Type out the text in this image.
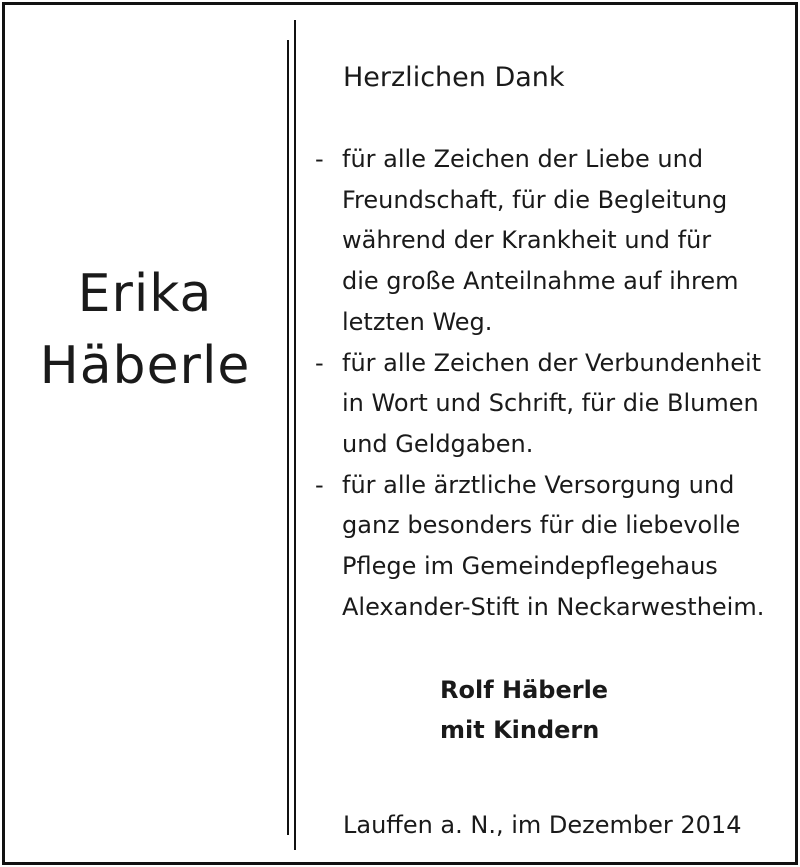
Erika
Häberle
Herzlichen Dank
- für alle Zeichen der Liebe und
Freundschaft, für die Begleitung
während der Krankheit und für
die große Anteilnahme auf ihrem
letzten Weg.
- für alle Zeichen der Verbundenheit
in Wort und Schrift, für die Blumen
und Geldgaben.
- für alle ärztliche Versorgung und
ganz besonders für die liebevolle
Pflege im Gemeindepflegehaus
Alexander-Stift in Neckarwestheim.
Rolf Häberle
mit Kindern
Lauffen a. N., im Dezember 2014
